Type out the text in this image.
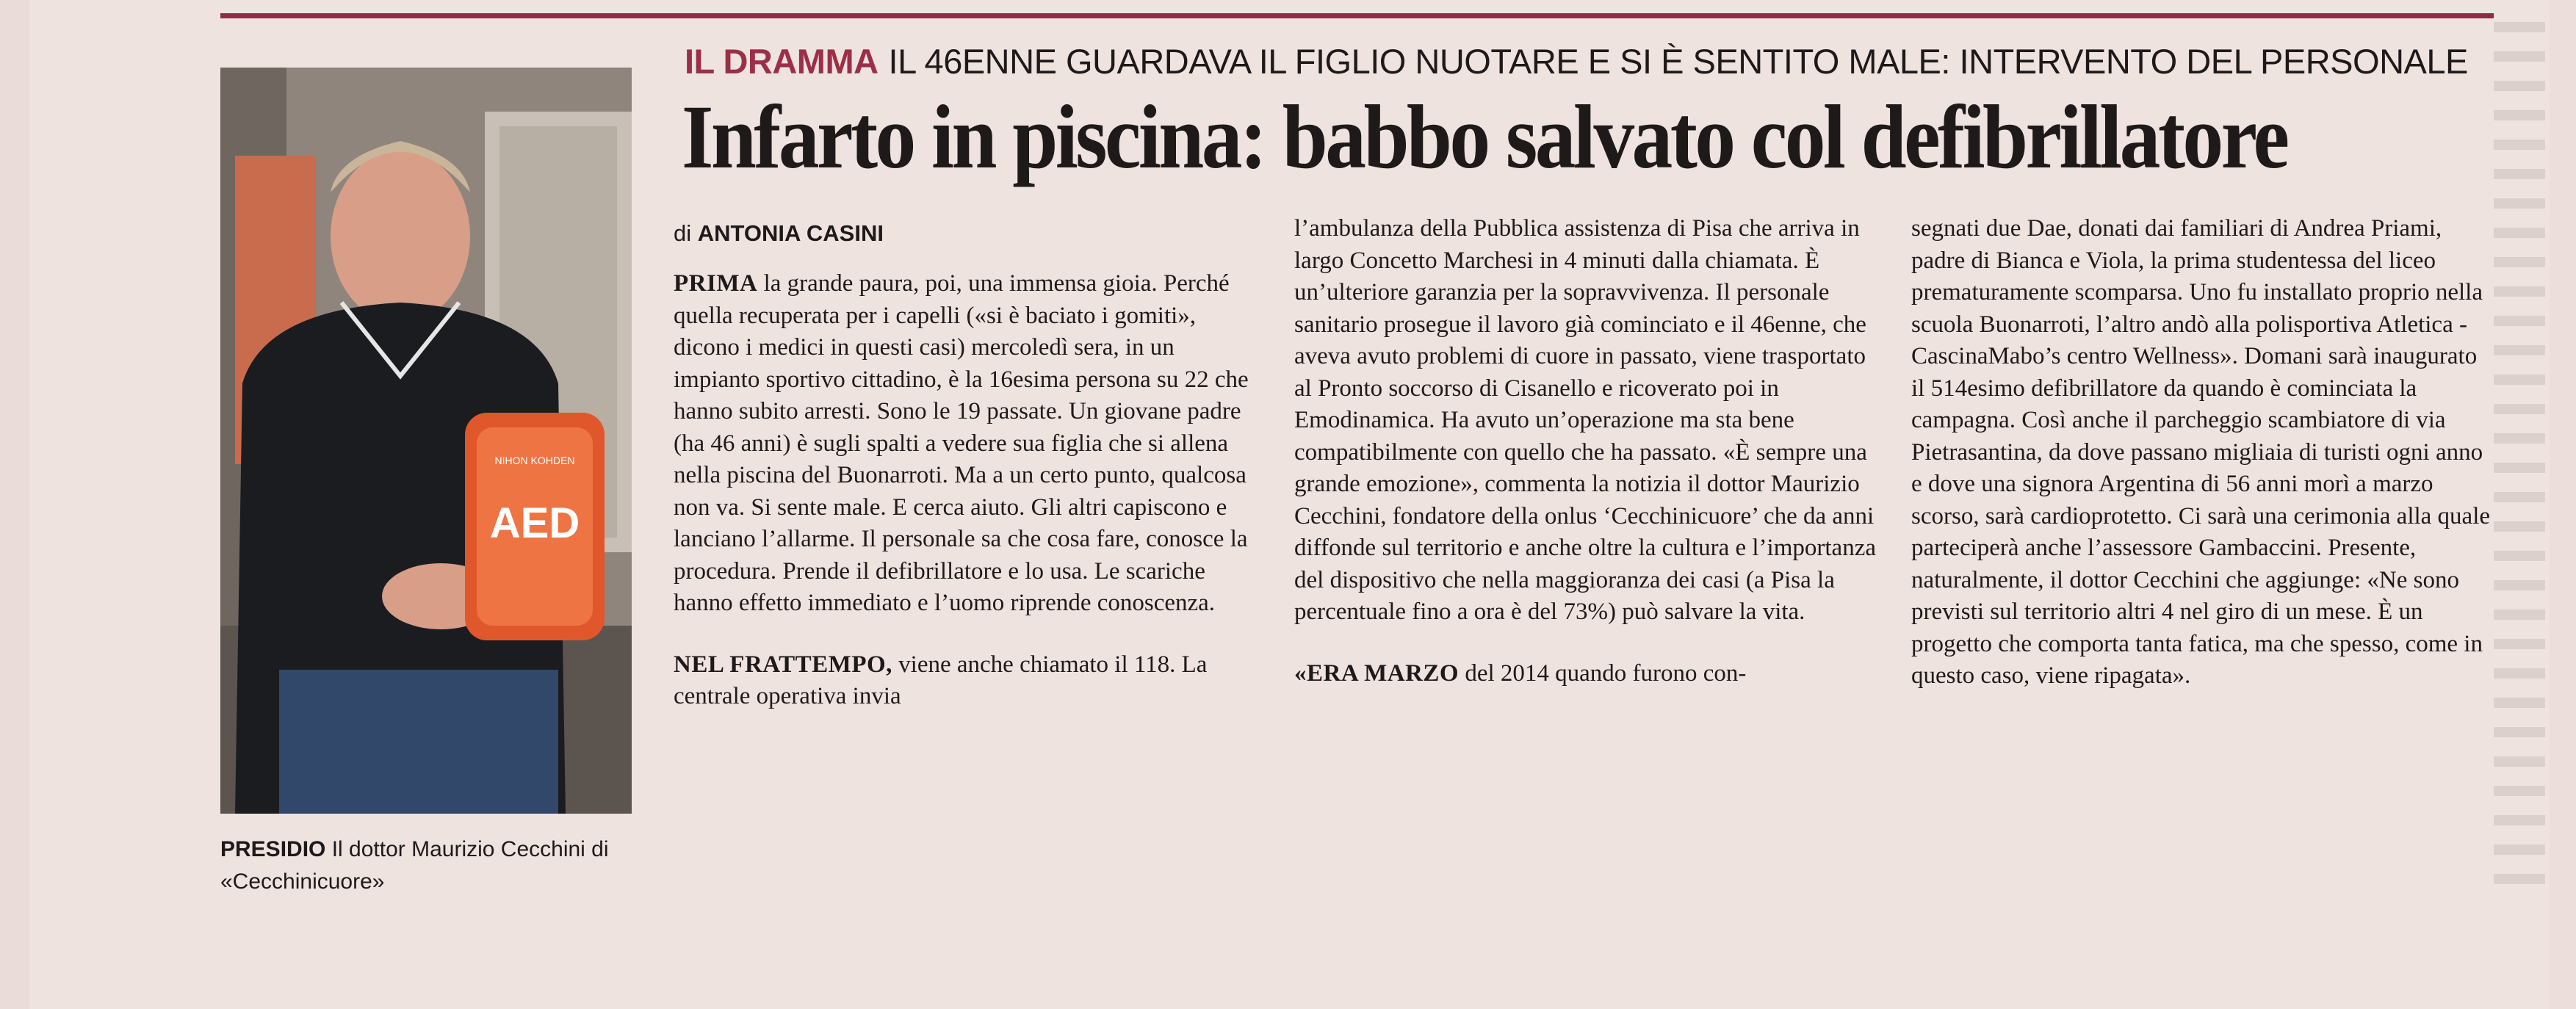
IL DRAMMA IL 46ENNE GUARDAVA IL FIGLIO NUOTARE E SI È SENTITO MALE: INTERVENTO DEL PERSONALE
Infarto in piscina: babbo salvato col defibrillatore
NIHON KOHDEN
AED
PRESIDIO Il dottor Maurizio Cecchini di «Cecchinicuore»
di ANTONIA CASINI

PRIMA la grande paura, poi, una immensa gioia. Perché quella recuperata per i capelli («si è baciato i gomiti», dicono i medici in questi casi) mercoledì sera, in un impianto sportivo cittadino, è la 16esima persona su 22 che hanno subito arresti. Sono le 19 passate. Un giovane padre (ha 46 anni) è sugli spalti a vedere sua figlia che si allena nella piscina del Buonarroti. Ma a un certo punto, qualcosa non va. Si sente male. E cerca aiuto. Gli altri capiscono e lanciano l’allarme. Il personale sa che cosa fare, conosce la procedura. Prende il defibrillatore e lo usa. Le scariche hanno effetto immediato e l’uomo riprende conoscenza.

NEL FRATTEMPO, viene anche chiamato il 118. La centrale operativa invia

l’ambulanza della Pubblica assistenza di Pisa che arriva in largo Concetto Marchesi in 4 minuti dalla chiamata. È un’ulteriore garanzia per la sopravvivenza. Il personale sanitario prosegue il lavoro già cominciato e il 46enne, che aveva avuto problemi di cuore in passato, viene trasportato al Pronto soccorso di Cisanello e ricoverato poi in Emodinamica. Ha avuto un’operazione ma sta bene compatibilmente con quello che ha passato. «È sempre una grande emozione», commenta la notizia il dottor Maurizio Cecchini, fondatore della onlus ‘Cecchinicuore’ che da anni diffonde sul territorio e anche oltre la cultura e l’importanza del dispositivo che nella maggioranza dei casi (a Pisa la percentuale fino a ora è del 73%) può salvare la vita.

«ERA MARZO del 2014 quando furono con-

segnati due Dae, donati dai familiari di Andrea Priami, padre di Bianca e Viola, la prima studentessa del liceo prematuramente scomparsa. Uno fu installato proprio nella scuola Buonarroti, l’altro andò alla polisportiva Atletica - CascinaMabo’s centro Wellness». Domani sarà inaugurato il 514esimo defibrillatore da quando è cominciata la campagna. Così anche il parcheggio scambiatore di via Pietrasantina, da dove passano migliaia di turisti ogni anno e dove una signora Argentina di 56 anni morì a marzo scorso, sarà cardioprotetto. Ci sarà una cerimonia alla quale parteciperà anche l’assessore Gambaccini. Presente, naturalmente, il dottor Cecchini che aggiunge: «Ne sono previsti sul territorio altri 4 nel giro di un mese. È un progetto che comporta tanta fatica, ma che spesso, come in questo caso, viene ripagata».
